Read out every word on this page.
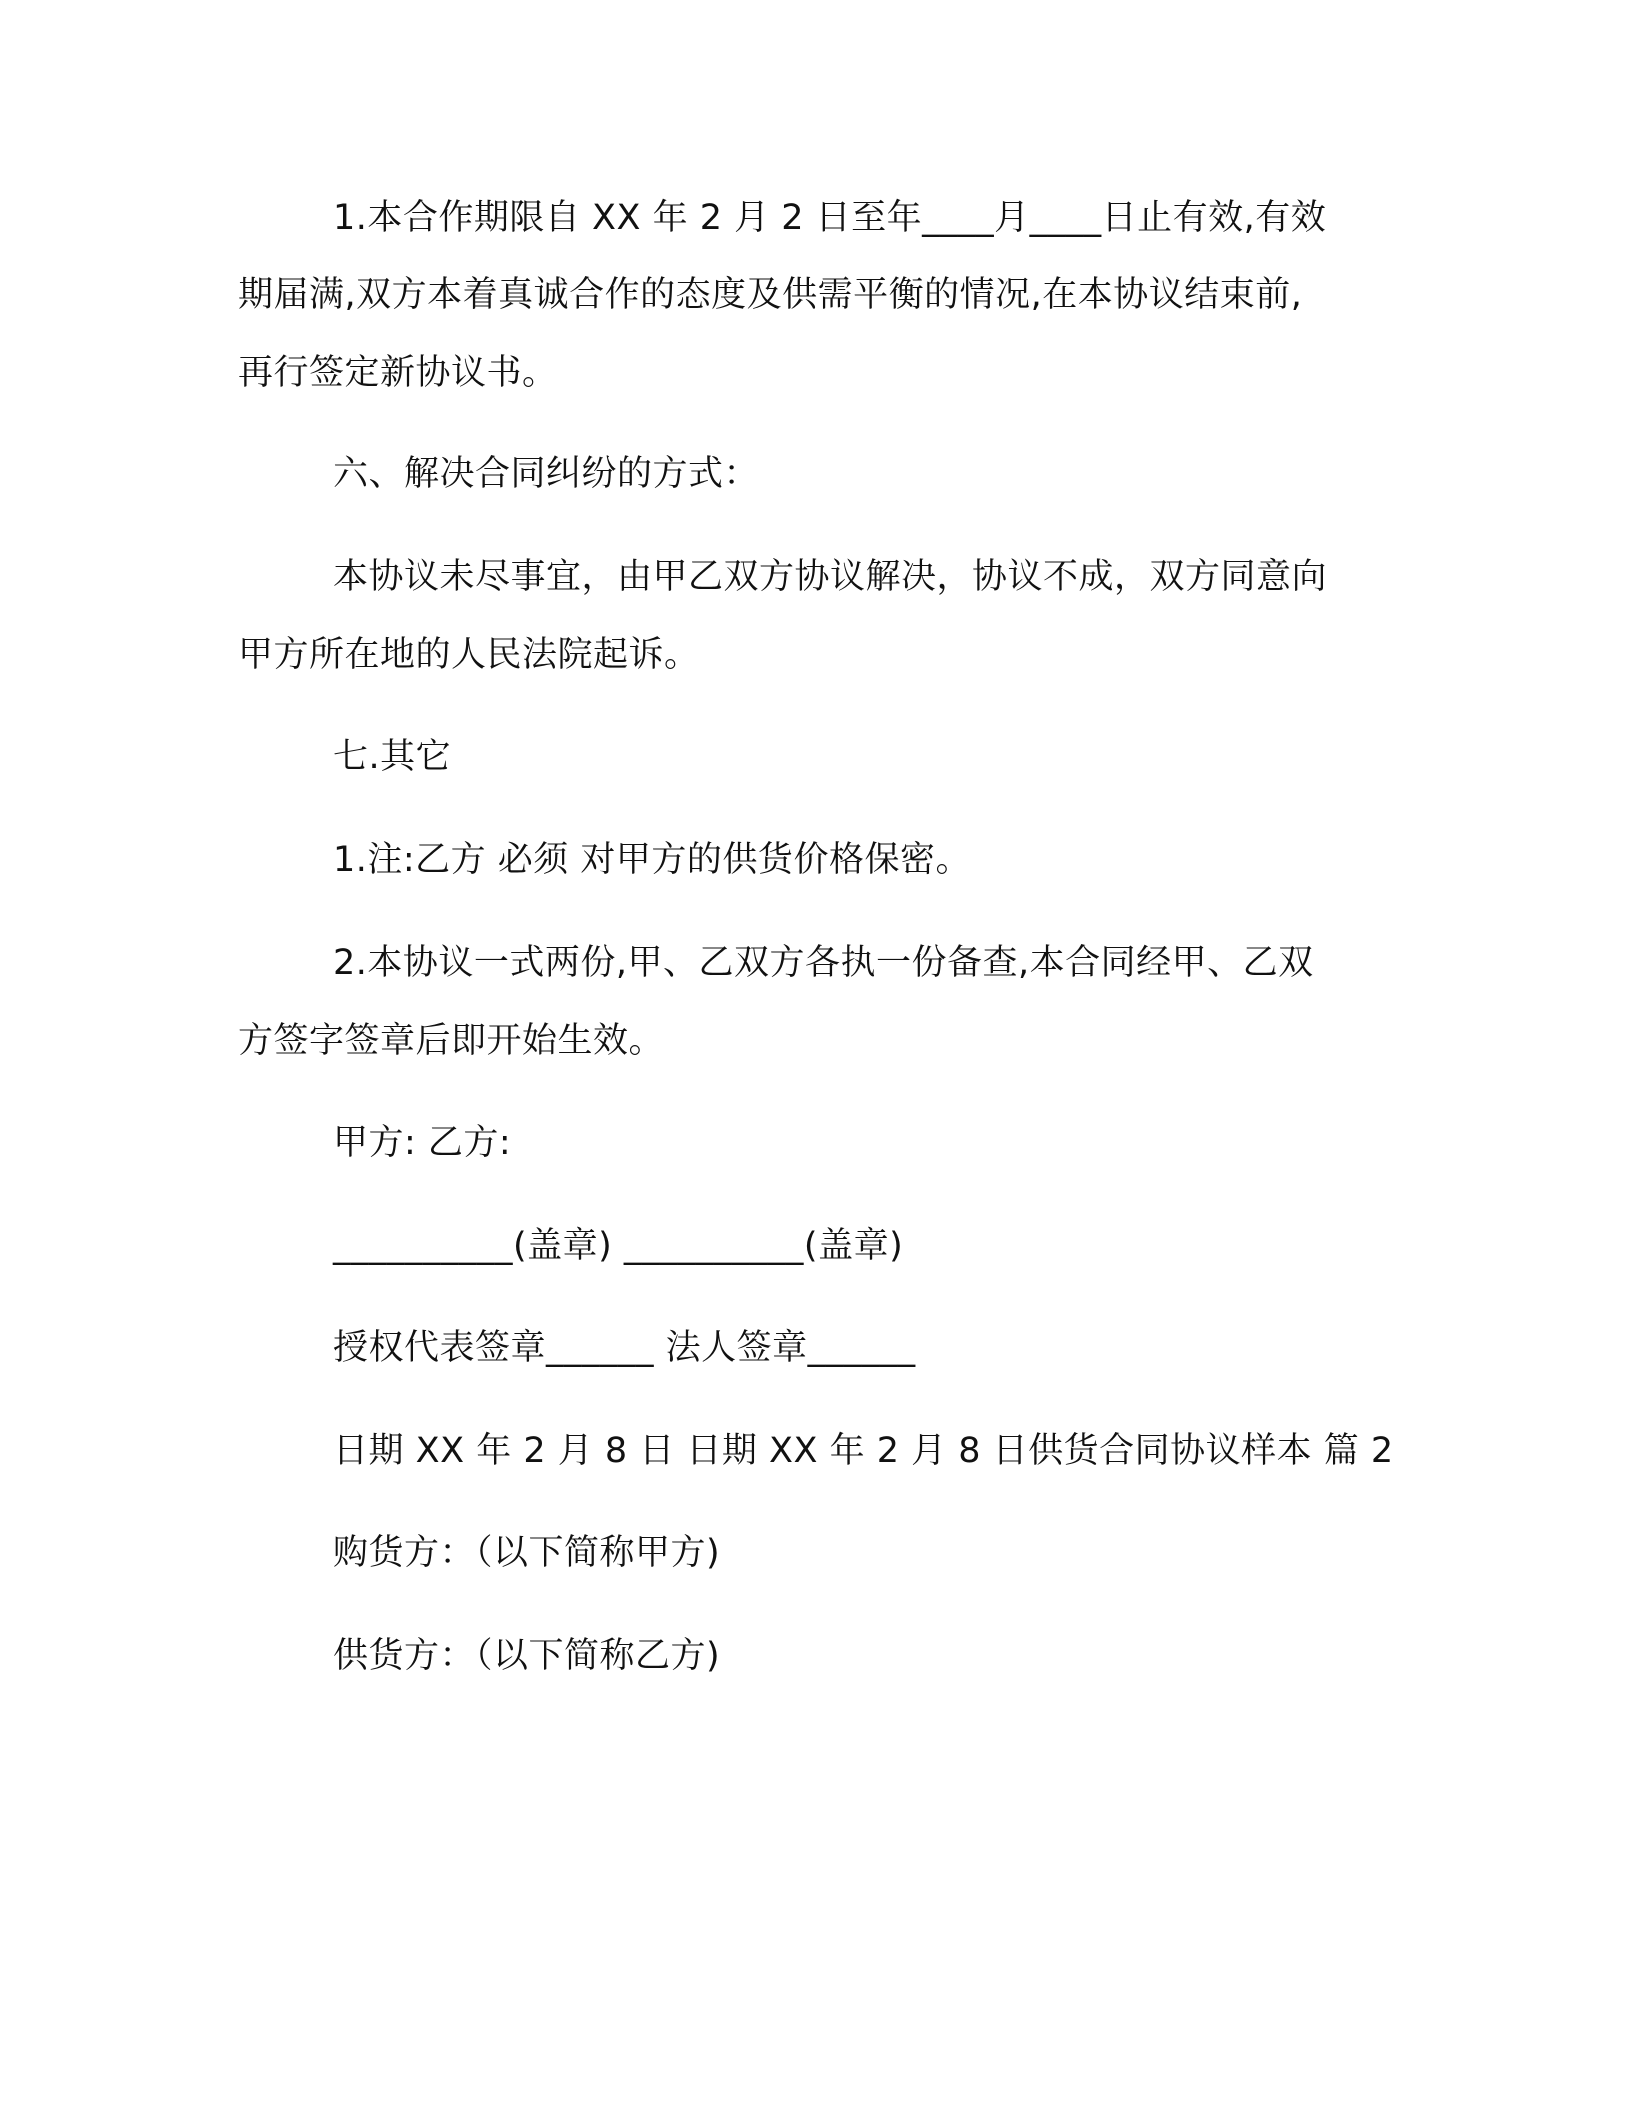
1.本合作期限自 XX 年 2 月 2 日至年____月____日止有效,有效
期届满,双方本着真诚合作的态度及供需平衡的情况,在本协议结束前,
再行签定新协议书。
六、解决合同纠纷的方式：
本协议未尽事宜，由甲乙双方协议解决，协议不成，双方同意向
甲方所在地的人民法院起诉。
七.其它
1.注:乙方 必须 对甲方的供货价格保密。
2.本协议一式两份,甲、乙双方各执一份备查,本合同经甲、乙双
方签字签章后即开始生效。
甲方: 乙方:
__________(盖章) __________(盖章)
授权代表签章______ 法人签章______
日期 XX 年 2 月 8 日 日期 XX 年 2 月 8 日供货合同协议样本 篇 2
购货方：（以下简称甲方)
供货方：（以下简称乙方)
